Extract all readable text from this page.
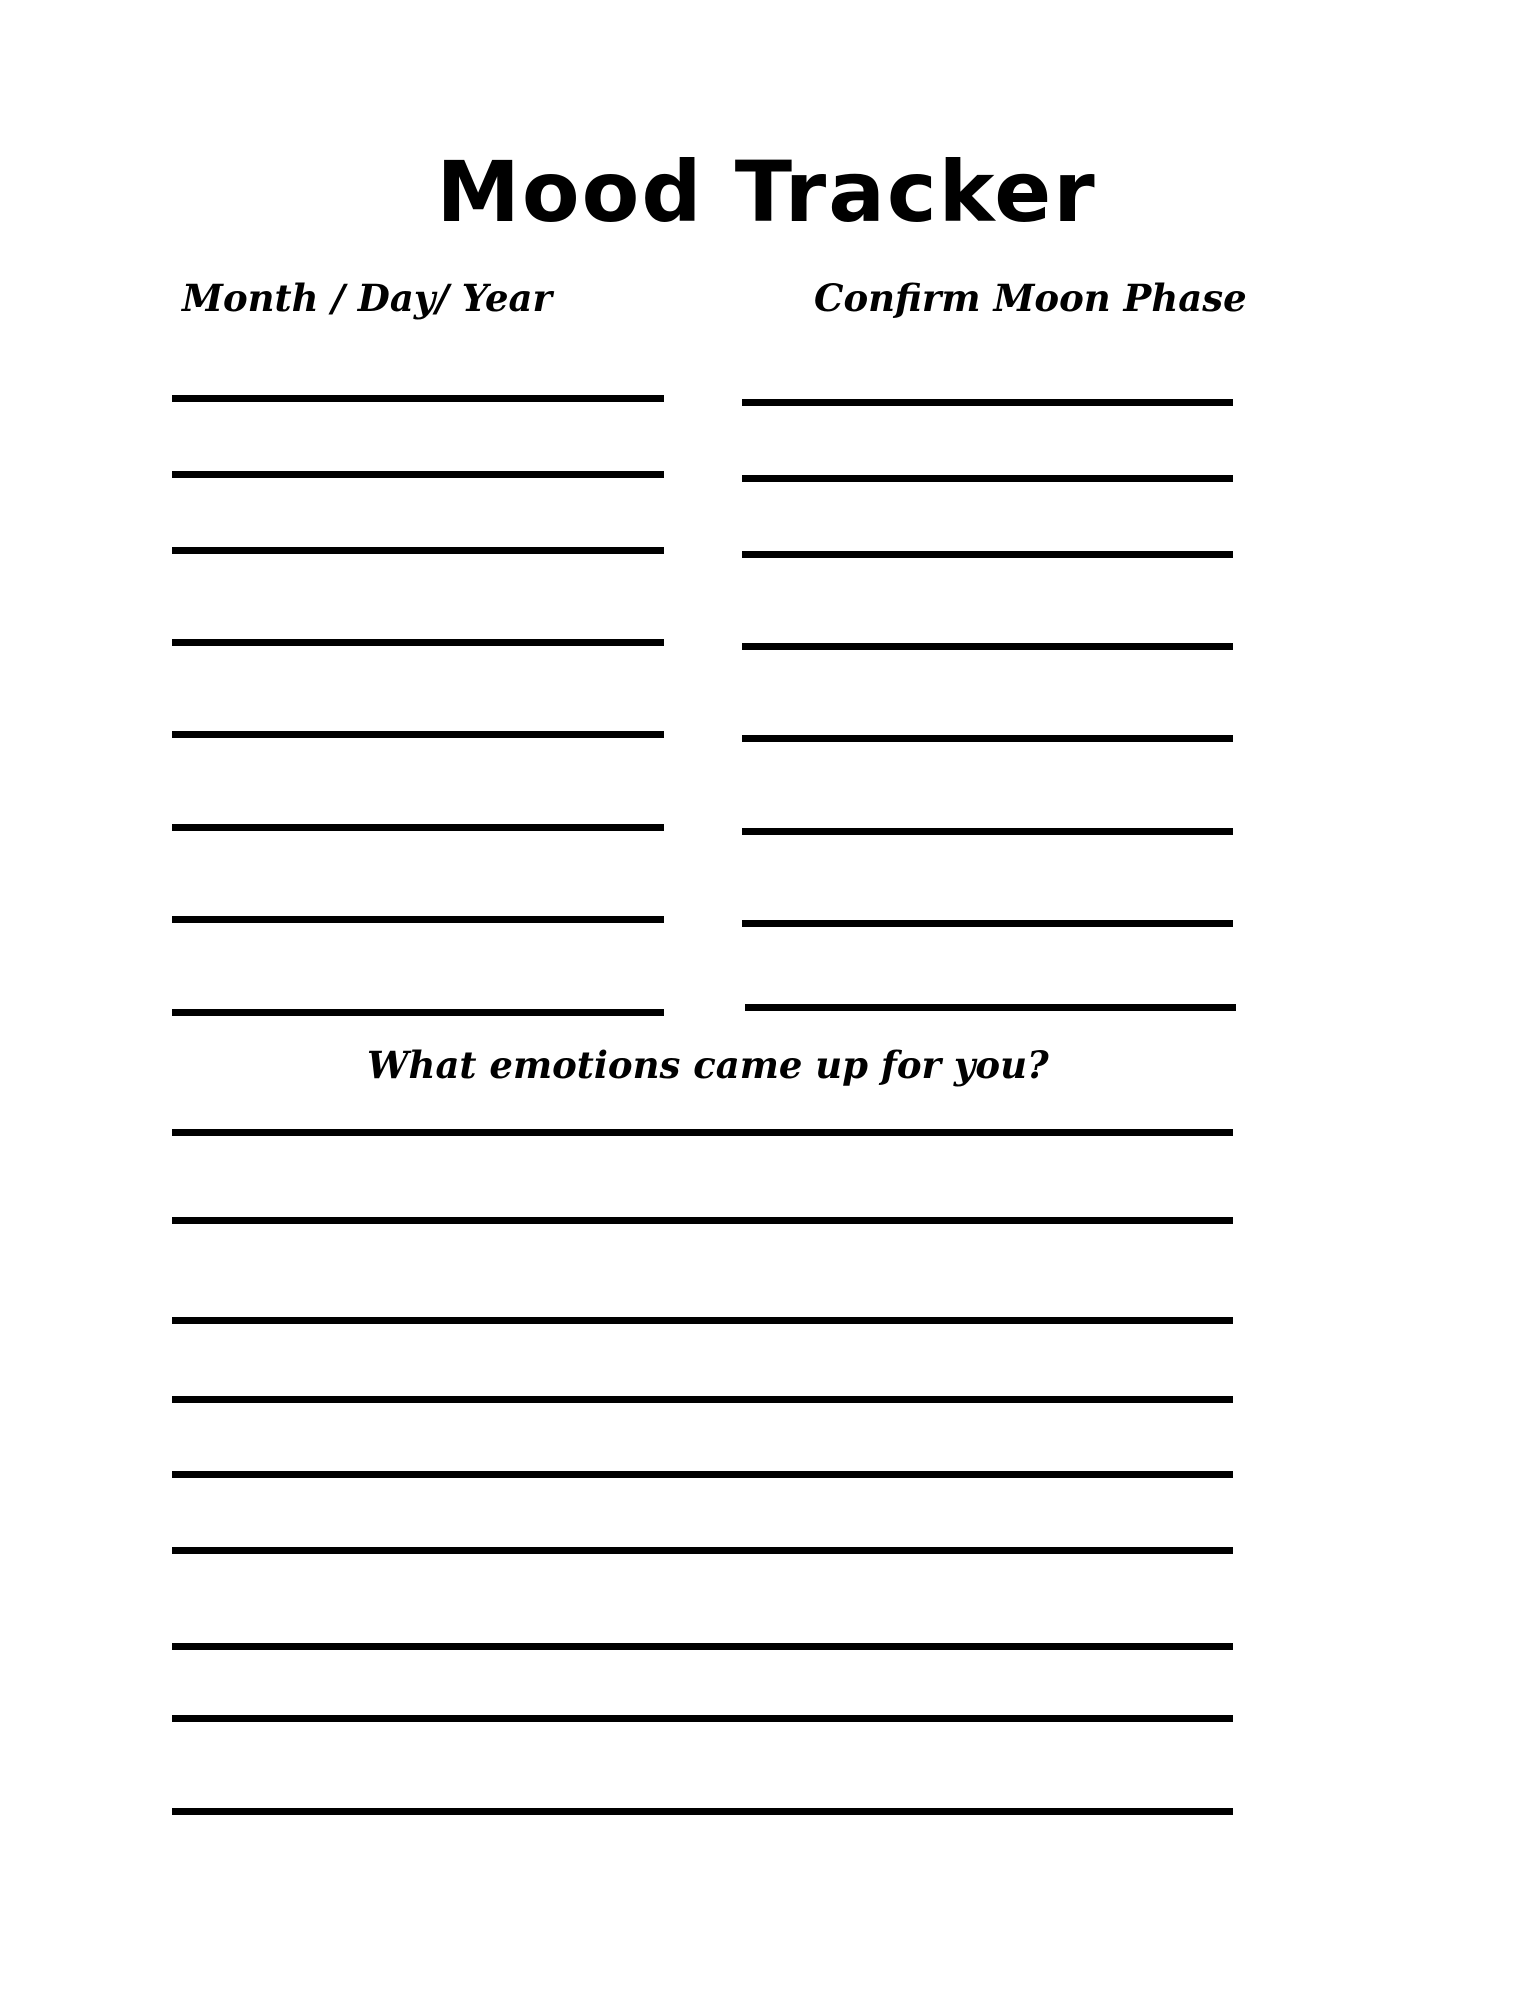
Mood Tracker
Month / Day/ Year	Confirm Moon Phase
What emotions came up for you?
